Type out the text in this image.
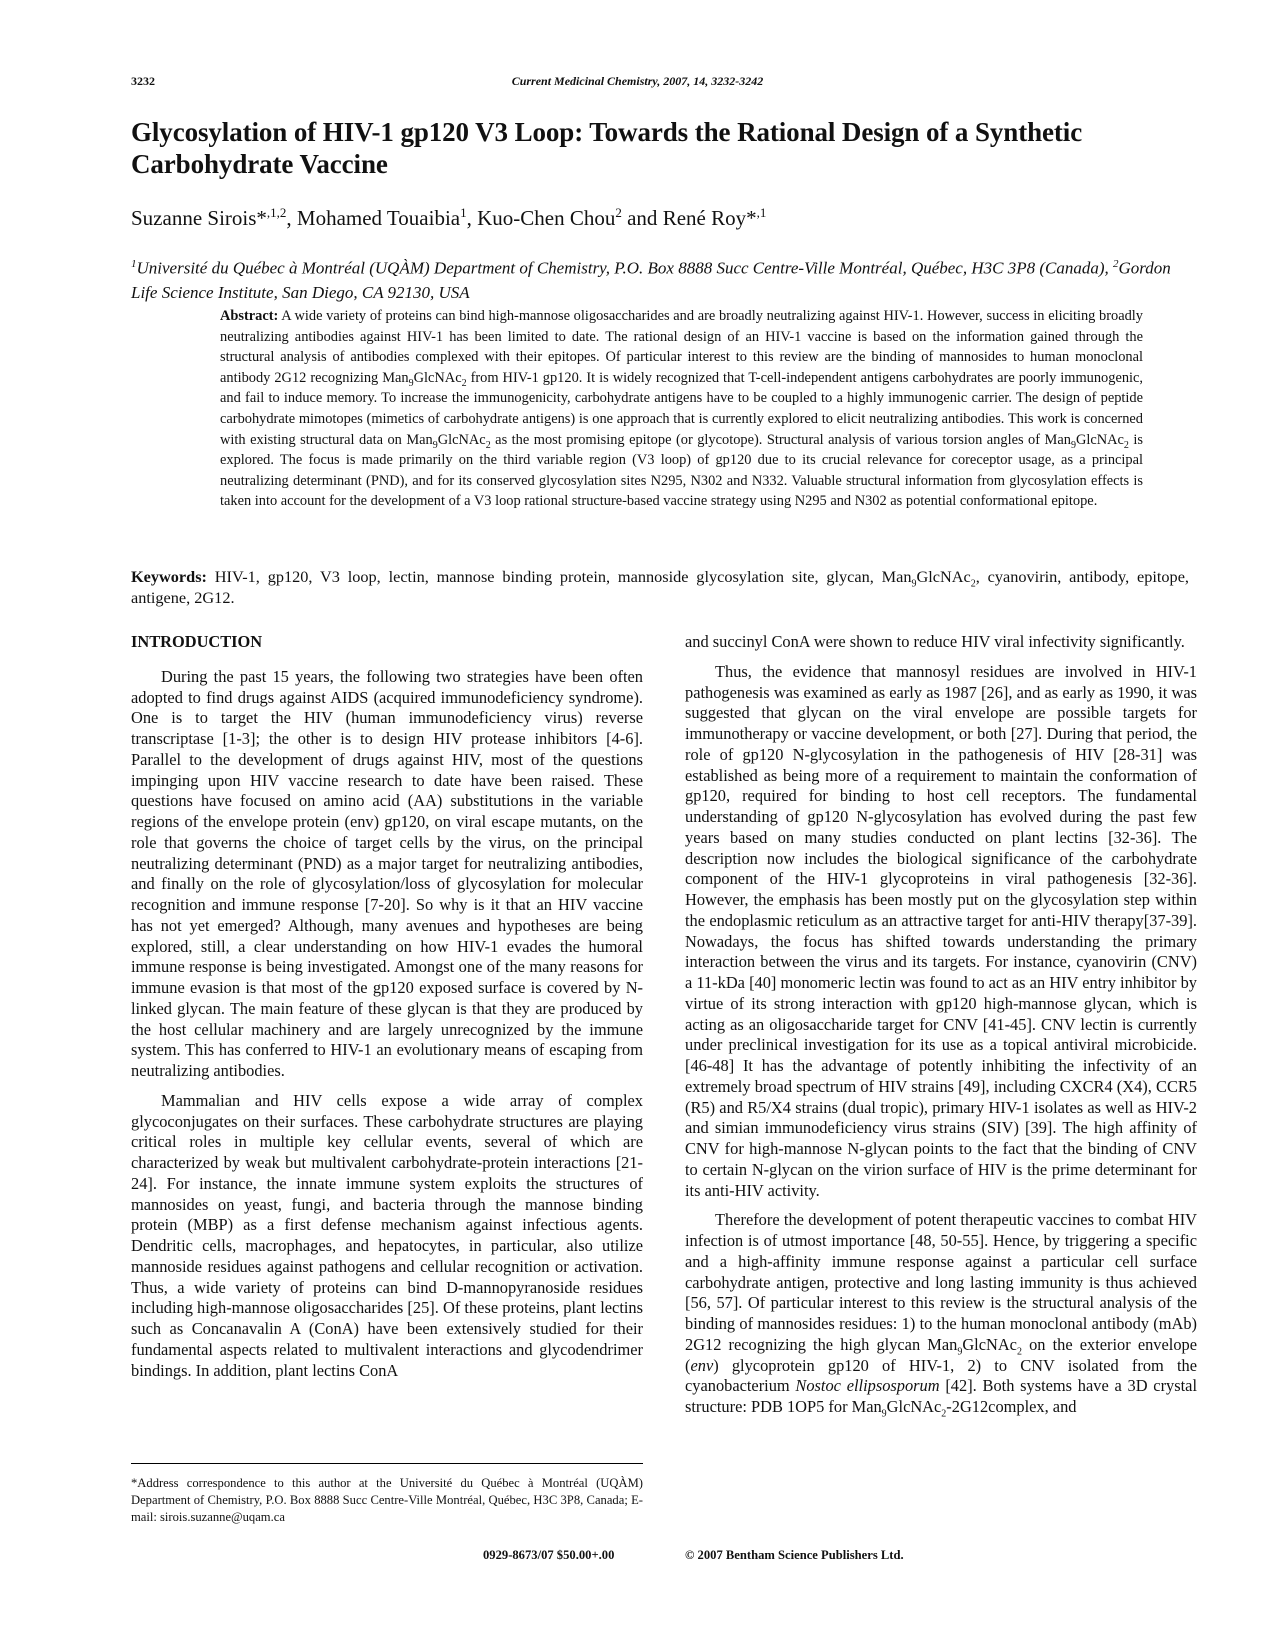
3232	Current Medicinal Chemistry, 2007, 14, 3232-3242
Glycosylation of HIV-1 gp120 V3 Loop: Towards the Rational Design of a Synthetic Carbohydrate Vaccine
Suzanne Sirois*$^{,1,2}$, Mohamed Touaibia$^1$, Kuo-Chen Chou$^2$ and René Roy*$^{,1}$
$^1$Université du Québec à Montréal (UQÀM) Department of Chemistry, P.O. Box 8888 Succ Centre-Ville Montréal, Québec, H3C 3P8 (Canada), $^2$Gordon Life Science Institute, San Diego, CA 92130, USA
Abstract: A wide variety of proteins can bind high-mannose oligosaccharides and are broadly neutralizing against HIV-1. However, success in eliciting broadly neutralizing antibodies against HIV-1 has been limited to date. The rational design of an HIV-1 vaccine is based on the information gained through the structural analysis of antibodies complexed with their epitopes. Of particular interest to this review are the binding of mannosides to human monoclonal antibody 2G12 recognizing Man$_9$GlcNAc$_2$ from HIV-1 gp120. It is widely recognized that T-cell-independent antigens carbohydrates are poorly immunogenic, and fail to induce memory. To increase the immunogenicity, carbohydrate antigens have to be coupled to a highly immunogenic carrier. The design of peptide carbohydrate mimotopes (mimetics of carbohydrate antigens) is one approach that is currently explored to elicit neutralizing antibodies. This work is concerned with existing structural data on Man$_9$GlcNAc$_2$ as the most promising epitope (or glycotope). Structural analysis of various torsion angles of Man$_9$GlcNAc$_2$ is explored. The focus is made primarily on the third variable region (V3 loop) of gp120 due to its crucial relevance for coreceptor usage, as a principal neutralizing determinant (PND), and for its conserved glycosylation sites N295, N302 and N332. Valuable structural information from glycosylation effects is taken into account for the development of a V3 loop rational structure-based vaccine strategy using N295 and N302 as potential conformational epitope.
Keywords: HIV-1, gp120, V3 loop, lectin, mannose binding protein, mannoside glycosylation site, glycan, Man$_9$GlcNAc$_2$, cyanovirin, antibody, epitope, antigene, 2G12.
INTRODUCTION

During the past 15 years, the following two strategies have been often adopted to find drugs against AIDS (acquired immunodeficiency syndrome). One is to target the HIV (human immunodeficiency virus) reverse transcriptase [1-3]; the other is to design HIV protease inhibitors [4-6]. Parallel to the development of drugs against HIV, most of the questions impinging upon HIV vaccine research to date have been raised. These questions have focused on amino acid (AA) substitutions in the variable regions of the envelope protein (env) gp120, on viral escape mutants, on the role that governs the choice of target cells by the virus, on the principal neutralizing determinant (PND) as a major target for neutralizing antibodies, and finally on the role of glycosylation/loss of glycosylation for molecular recognition and immune response [7-20]. So why is it that an HIV vaccine has not yet emerged? Although, many avenues and hypotheses are being explored, still, a clear understanding on how HIV-1 evades the humoral immune response is being investigated. Amongst one of the many reasons for immune evasion is that most of the gp120 exposed surface is covered by N-linked glycan. The main feature of these glycan is that they are produced by the host cellular machinery and are largely unrecognized by the immune system. This has conferred to HIV-1 an evolutionary means of escaping from neutralizing antibodies.

Mammalian and HIV cells expose a wide array of complex glycoconjugates on their surfaces. These carbohydrate structures are playing critical roles in multiple key cellular events, several of which are characterized by weak but multivalent carbohydrate-protein interactions [21-24]. For instance, the innate immune system exploits the structures of mannosides on yeast, fungi, and bacteria through the mannose binding protein (MBP) as a first defense mechanism against infectious agents. Dendritic cells, macrophages, and hepatocytes, in particular, also utilize mannoside residues against pathogens and cellular recognition or activation. Thus, a wide variety of proteins can bind D-mannopyranoside residues including high-mannose oligosaccharides [25]. Of these proteins, plant lectins such as Concanavalin A (ConA) have been extensively studied for their fundamental aspects related to multivalent interactions and glycodendrimer bindings. In addition, plant lectins ConA

and succinyl ConA were shown to reduce HIV viral infectivity significantly.

Thus, the evidence that mannosyl residues are involved in HIV-1 pathogenesis was examined as early as 1987 [26], and as early as 1990, it was suggested that glycan on the viral envelope are possible targets for immunotherapy or vaccine development, or both [27]. During that period, the role of gp120 N-glycosylation in the pathogenesis of HIV [28-31] was established as being more of a requirement to maintain the conformation of gp120, required for binding to host cell receptors. The fundamental understanding of gp120 N-glycosylation has evolved during the past few years based on many studies conducted on plant lectins [32-36]. The description now includes the biological significance of the carbohydrate component of the HIV-1 glycoproteins in viral pathogenesis [32-36]. However, the emphasis has been mostly put on the glycosylation step within the endoplasmic reticulum as an attractive target for anti-HIV therapy[37-39]. Nowadays, the focus has shifted towards understanding the primary interaction between the virus and its targets. For instance, cyanovirin (CNV) a 11-kDa [40] monomeric lectin was found to act as an HIV entry inhibitor by virtue of its strong interaction with gp120 high-mannose glycan, which is acting as an oligosaccharide target for CNV [41-45]. CNV lectin is currently under preclinical investigation for its use as a topical antiviral microbicide. [46-48] It has the advantage of potently inhibiting the infectivity of an extremely broad spectrum of HIV strains [49], including CXCR4 (X4), CCR5 (R5) and R5/X4 strains (dual tropic), primary HIV-1 isolates as well as HIV-2 and simian immunodeficiency virus strains (SIV) [39]. The high affinity of CNV for high-mannose N-glycan points to the fact that the binding of CNV to certain N-glycan on the virion surface of HIV is the prime determinant for its anti-HIV activity.

Therefore the development of potent therapeutic vaccines to combat HIV infection is of utmost importance [48, 50-55]. Hence, by triggering a specific and a high-affinity immune response against a particular cell surface carbohydrate antigen, protective and long lasting immunity is thus achieved [56, 57]. Of particular interest to this review is the structural analysis of the binding of mannosides residues: 1) to the human monoclonal antibody (mAb) 2G12 recognizing the high glycan Man$_9$GlcNAc$_2$ on the exterior envelope (env) glycoprotein gp120 of HIV-1, 2) to CNV isolated from the cyanobacterium Nostoc ellipsosporum [42]. Both systems have a 3D crystal structure: PDB 1OP5 for Man$_9$GlcNAc$_2$-2G12complex, and

*Address correspondence to this author at the Université du Québec à Montréal (UQÀM) Department of Chemistry, P.O. Box 8888 Succ Centre-Ville Montréal, Québec, H3C 3P8, Canada; E-mail: sirois.suzanne@uqam.ca
0929-8673/07 $50.00+.00	© 2007 Bentham Science Publishers Ltd.
